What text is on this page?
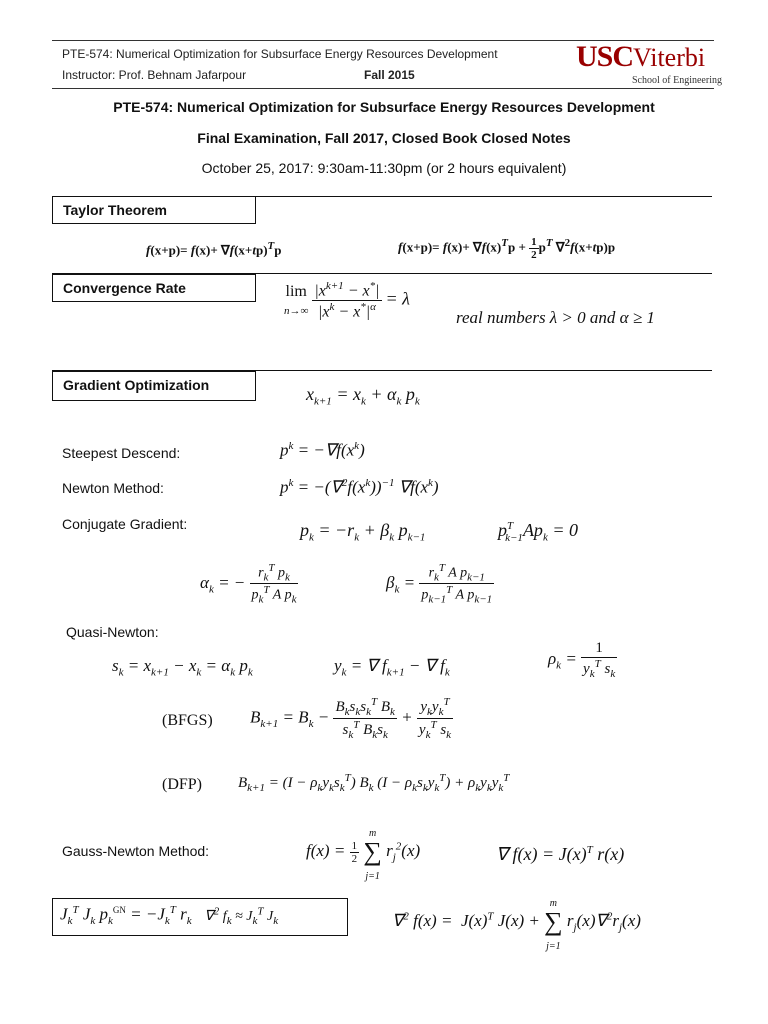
PTE-574: Numerical Optimization for Subsurface Energy Resources Development
Instructor: Prof. Behnam Jafarpour	Fall 2015
USCViterbi
School of Engineering
PTE-574: Numerical Optimization for Subsurface Energy Resources Development
Final Examination, Fall 2017, Closed Book Closed Notes
October 25, 2017: 9:30am-11:30pm (or 2 hours equivalent)
Taylor Theorem
$f(x+p)= f(x)+ \nabla f(x+tp)^Tp$	$f(x+p)= f(x)+ \nabla f(x)^Tp + \frac{1}{2} p^T$ ∇$^2$f(x+tp)p
Convergence Rate	lim
$n\to\infty \frac{|x^{k+1} - x^*|}{|x^k - x^*|^\alpha} = \lambda$
real numbers λ > 0 and α ≥ 1
Gradient Optimization	$x_{k+1} = x_k + \alpha_k$ $p_k$
Steepest Descend:	$p^k = -\nabla f(x^k)$
Newton Method:	$p^k = -(\nabla^2f(x^k))^{-1}$ $\nabla f(x^k)$
Conjugate Gradient:	$p_k = -r_k + \beta_k$ $p_{k-1}$	$p^T_{k-1}Ap_k = 0$
$\alpha_k$ = − $\frac{r_k^T p_k}{p_k^T A p_k}$	$\beta_k = \frac{r_k^T A p_{k-1}}{p_{k-1}^T A p_{k-1}}$
Quasi-Newton:
$s_k = x_{k+1} - x_k = \alpha_k$ $p_k$	$y_k$ = ∇ $f_{k+1}$ − ∇ $f_k$
$\rho_k = \frac{1}{y_k^T s_k}$
(BFGS) $B_{k+1} = B_k - \frac{B_ks_ks_k^T B_k}{s_k^T B_ks_k} + \frac{y_ky_k^T}{y_k^T s_k}$
(DFP) $B_{k+1} = (I - \rho_ky_ks_k^T)$ $B_k$ $(I - \rho_ks_ky_k^T) + \rho_ky_ky_k^T$
Gauss-Newton Method:	$f(x) = \frac{1}{2}$
m
∑
j=1 $r_j^2(x)$	∇ $f(x) = J(x)^T$ r(x)
$J_k^T$ $J_k$ $p_k^{GN} = -J_k^T$ $r_k$ ∇$^2$ $f_k \approx J_k^T$ $J_k$	∇$^2$ $f(x) = J(x)^T$ J(x) + m
∑
j=1 $r_j(x)\nabla^2r_j(x)$
